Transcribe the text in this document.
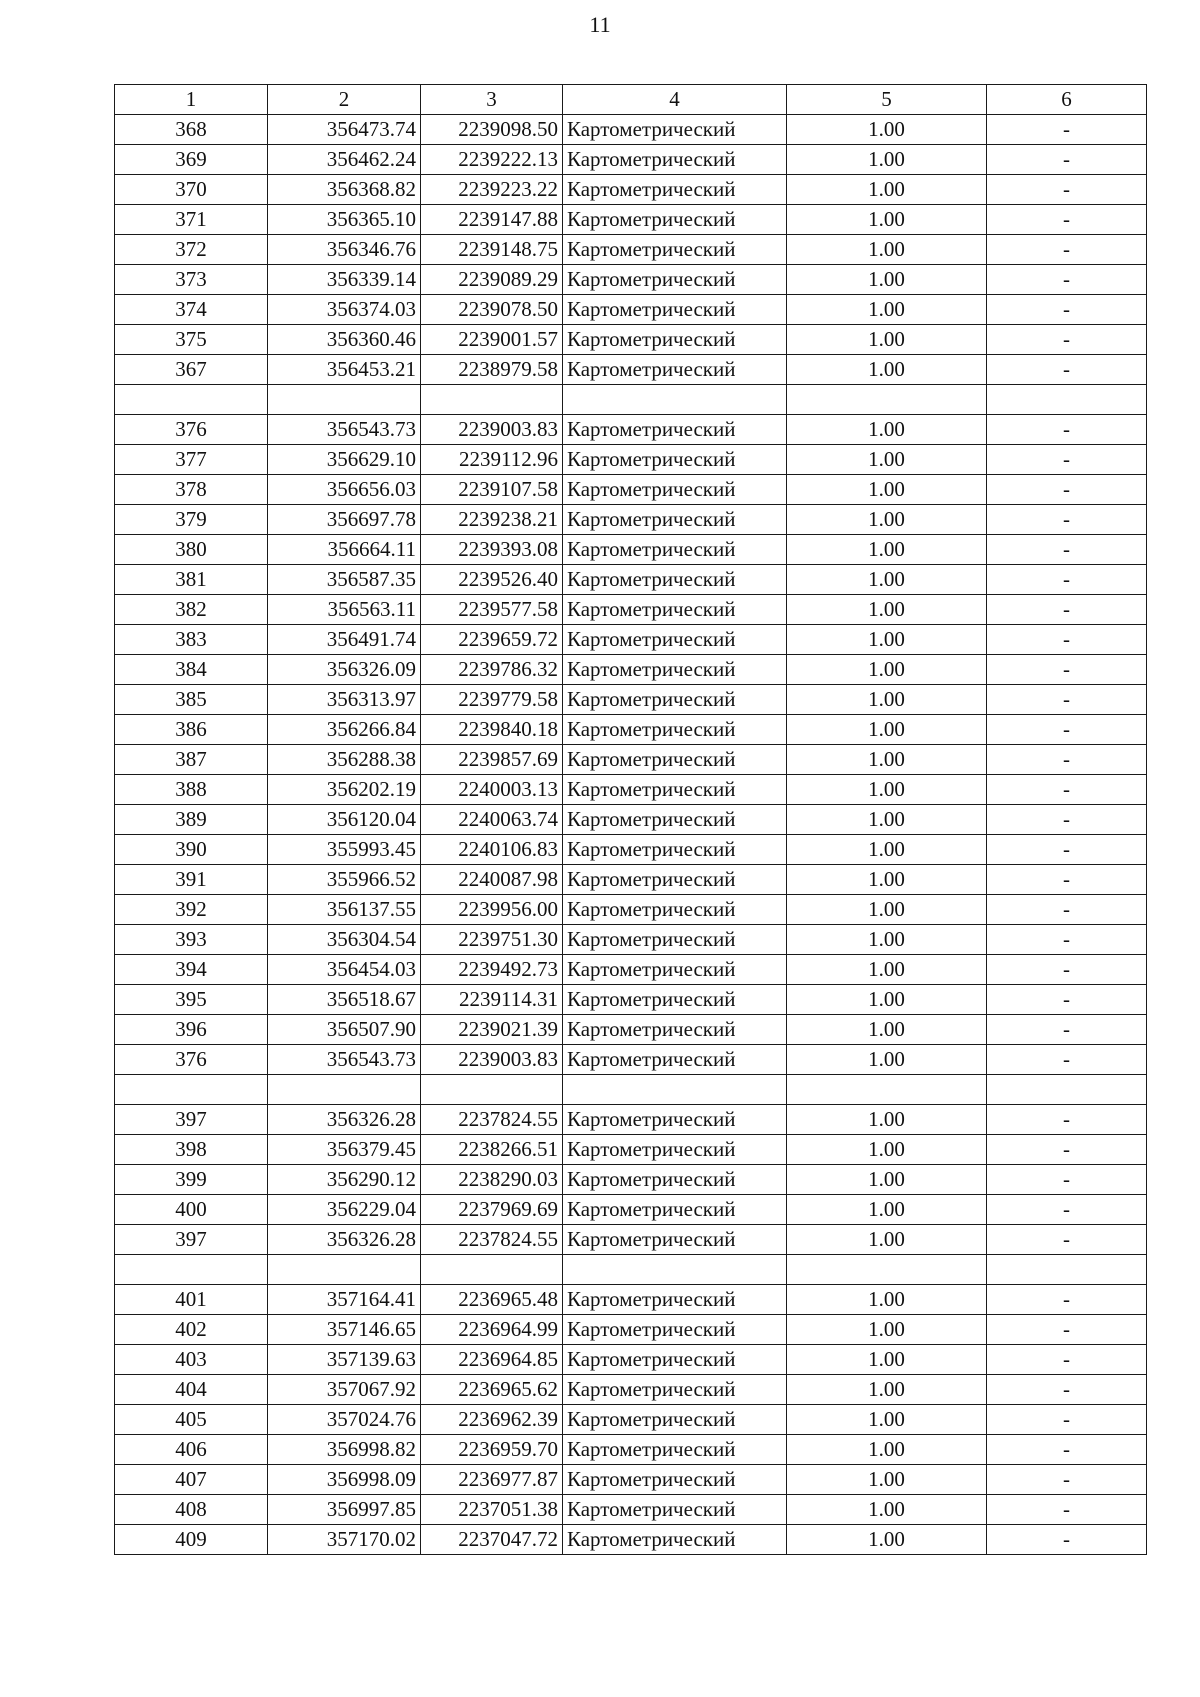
11
1	2	3	4	5	6
368	356473.74	2239098.50	Картометрический	1.00	-
369	356462.24	2239222.13	Картометрический	1.00	-
370	356368.82	2239223.22	Картометрический	1.00	-
371	356365.10	2239147.88	Картометрический	1.00	-
372	356346.76	2239148.75	Картометрический	1.00	-
373	356339.14	2239089.29	Картометрический	1.00	-
374	356374.03	2239078.50	Картометрический	1.00	-
375	356360.46	2239001.57	Картометрический	1.00	-
367	356453.21	2238979.58	Картометрический	1.00	-

376	356543.73	2239003.83	Картометрический	1.00	-
377	356629.10	2239112.96	Картометрический	1.00	-
378	356656.03	2239107.58	Картометрический	1.00	-
379	356697.78	2239238.21	Картометрический	1.00	-
380	356664.11	2239393.08	Картометрический	1.00	-
381	356587.35	2239526.40	Картометрический	1.00	-
382	356563.11	2239577.58	Картометрический	1.00	-
383	356491.74	2239659.72	Картометрический	1.00	-
384	356326.09	2239786.32	Картометрический	1.00	-
385	356313.97	2239779.58	Картометрический	1.00	-
386	356266.84	2239840.18	Картометрический	1.00	-
387	356288.38	2239857.69	Картометрический	1.00	-
388	356202.19	2240003.13	Картометрический	1.00	-
389	356120.04	2240063.74	Картометрический	1.00	-
390	355993.45	2240106.83	Картометрический	1.00	-
391	355966.52	2240087.98	Картометрический	1.00	-
392	356137.55	2239956.00	Картометрический	1.00	-
393	356304.54	2239751.30	Картометрический	1.00	-
394	356454.03	2239492.73	Картометрический	1.00	-
395	356518.67	2239114.31	Картометрический	1.00	-
396	356507.90	2239021.39	Картометрический	1.00	-
376	356543.73	2239003.83	Картометрический	1.00	-

397	356326.28	2237824.55	Картометрический	1.00	-
398	356379.45	2238266.51	Картометрический	1.00	-
399	356290.12	2238290.03	Картометрический	1.00	-
400	356229.04	2237969.69	Картометрический	1.00	-
397	356326.28	2237824.55	Картометрический	1.00	-

401	357164.41	2236965.48	Картометрический	1.00	-
402	357146.65	2236964.99	Картометрический	1.00	-
403	357139.63	2236964.85	Картометрический	1.00	-
404	357067.92	2236965.62	Картометрический	1.00	-
405	357024.76	2236962.39	Картометрический	1.00	-
406	356998.82	2236959.70	Картометрический	1.00	-
407	356998.09	2236977.87	Картометрический	1.00	-
408	356997.85	2237051.38	Картометрический	1.00	-
409	357170.02	2237047.72	Картометрический	1.00	-
